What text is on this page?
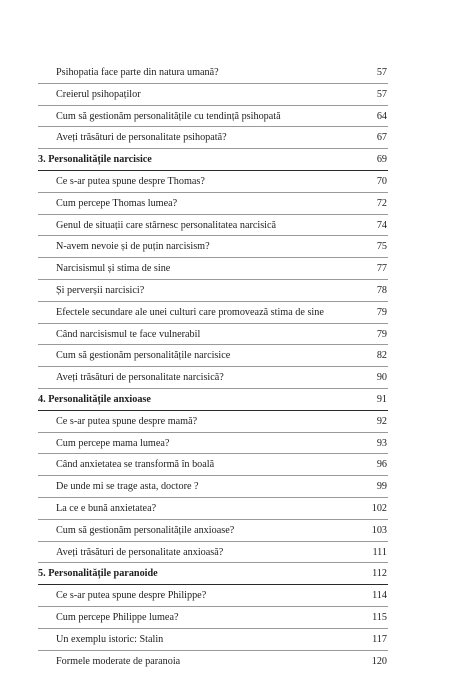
Psihopatia face parte din natura umană?	57
Creierul psihopaților	57
Cum să gestionăm personalitățile cu tendință psihopată	64
Aveți trăsături de personalitate psihopată?	67
3. Personalitățile narcisice	69
Ce s-ar putea spune despre Thomas?	70
Cum percepe Thomas lumea?	72
Genul de situații care stârnesc personalitatea narcisică	74
N-avem nevoie și de puțin narcisism?	75
Narcisismul și stima de sine	77
Și perverșii narcisici?	78
Efectele secundare ale unei culturi care promovează stima de sine	79
Când narcisismul te face vulnerabil	79
Cum să gestionăm personalitățile narcisice	82
Aveți trăsături de personalitate narcisică?	90
4. Personalitățile anxioase	91
Ce s-ar putea spune despre mamă?	92
Cum percepe mama lumea?	93
Când anxietatea se transformă în boală	96
De unde mi se trage asta, doctore ?	99
La ce e bună anxietatea?	102
Cum să gestionăm personalitățile anxioase?	103
Aveți trăsături de personalitate anxioasă?	111
5. Personalitățile paranoide	112
Ce s-ar putea spune despre Philippe?	114
Cum percepe Philippe lumea?	115
Un exemplu istoric: Stalin	117
Formele moderate de paranoia	120
